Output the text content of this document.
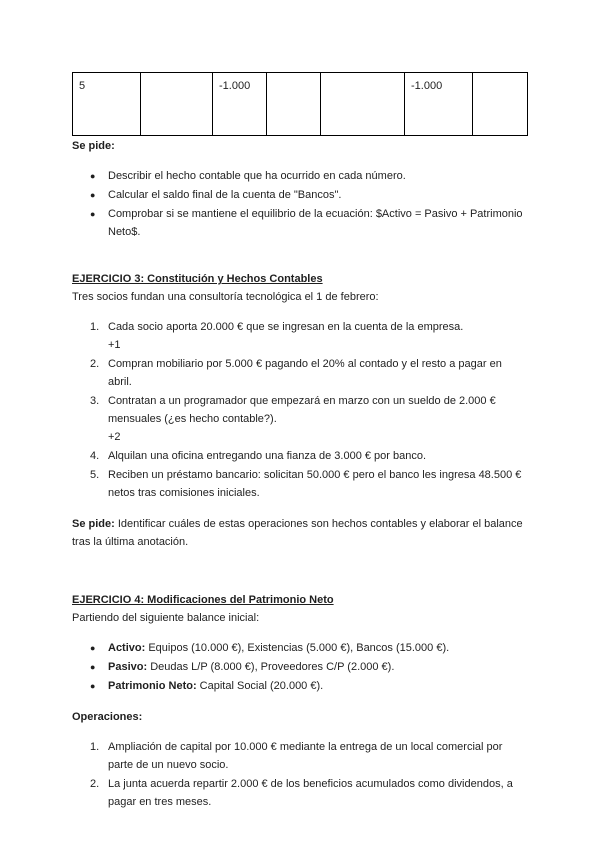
5		-1.000			-1.000	

Se pide:

● Describir el hecho contable que ha ocurrido en cada número.
● Calcular el saldo final de la cuenta de "Bancos".
● Comprobar si se mantiene el equilibrio de la ecuación: $Activo = Pasivo + Patrimonio Neto$.

EJERCICIO 3: Constitución y Hechos Contables

Tres socios fundan una consultoría tecnológica el 1 de febrero:

1. Cada socio aporta 20.000 € que se ingresan en la cuenta de la empresa.
+1
2. Compran mobiliario por 5.000 € pagando el 20% al contado y el resto a pagar en abril.
3. Contratan a un programador que empezará en marzo con un sueldo de 2.000 € mensuales (¿es hecho contable?).
+2
4. Alquilan una oficina entregando una fianza de 3.000 € por banco.
5. Reciben un préstamo bancario: solicitan 50.000 € pero el banco les ingresa 48.500 € netos tras comisiones iniciales.

Se pide: Identificar cuáles de estas operaciones son hechos contables y elaborar el balance tras la última anotación.

EJERCICIO 4: Modificaciones del Patrimonio Neto

Partiendo del siguiente balance inicial:

● Activo: Equipos (10.000 €), Existencias (5.000 €), Bancos (15.000 €).
● Pasivo: Deudas L/P (8.000 €), Proveedores C/P (2.000 €).
● Patrimonio Neto: Capital Social (20.000 €).

Operaciones:

1. Ampliación de capital por 10.000 € mediante la entrega de un local comercial por parte de un nuevo socio.
2. La junta acuerda repartir 2.000 € de los beneficios acumulados como dividendos, a pagar en tres meses.
